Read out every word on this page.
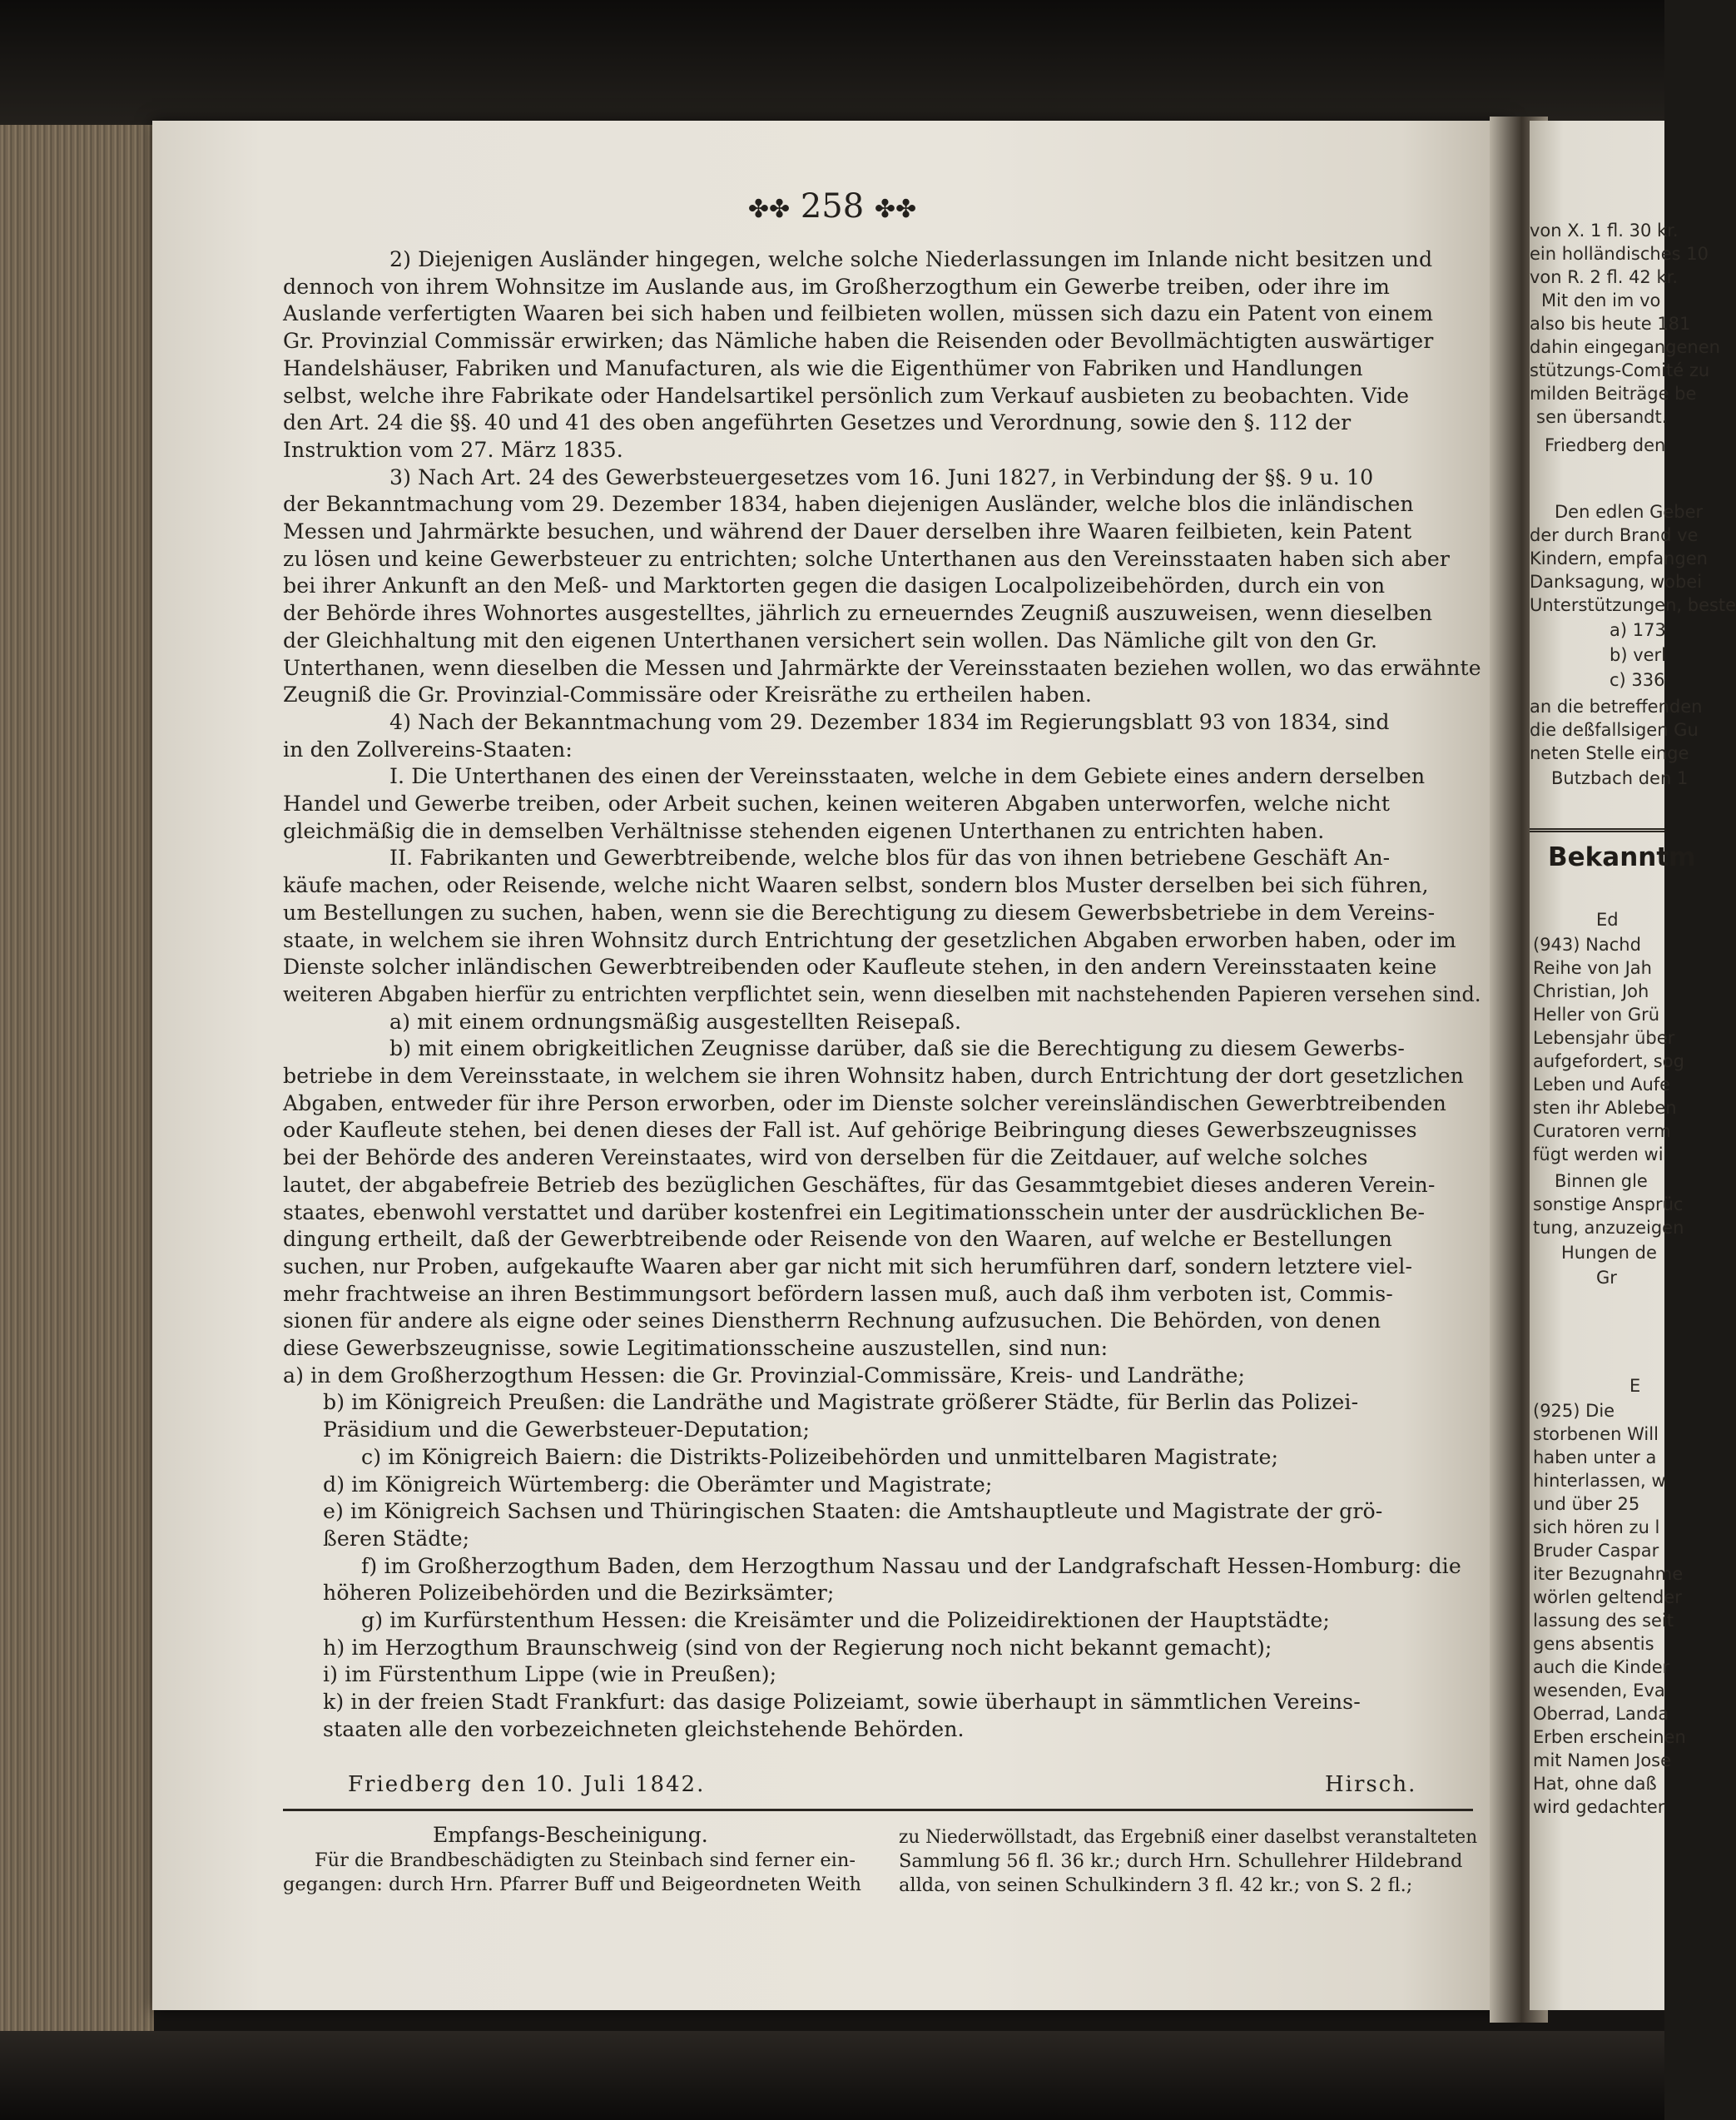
Bekanntm
von X. 1 fl. 30 kr.
ein holländisches 10
von R. 2 fl. 42 kr.
Mit den im vo
also bis heute 181
dahin eingegangenen
stützungs-Comité zu
milden Beiträge be
sen übersandt.
Friedberg den
Den edlen Geber
der durch Brand ve
Kindern, empfangen
Danksagung, wobei
Unterstützungen, beste
a) 173
b) verl
c) 336
an die betreffenden
die deßfallsigen Gu
neten Stelle einge
Butzbach den 1
Ed
(943) Nachd
Reihe von Jah
Christian, Joh
Heller von Grü
Lebensjahr über
aufgefordert, sog
Leben und Aufe
sten ihr Ableben
Curatoren verm
fügt werden wi
Binnen gle
sonstige Ansprüc
tung, anzuzeigen
Hungen de
Gr
E
(925) Die
storbenen Will
haben unter a
hinterlassen, w
und über 25
sich hören zu l
Bruder Caspar
iter Bezugnahme
wörlen geltender
lassung des seit
gens absentis
auch die Kinder
wesenden, Eva
Oberrad, Landa
Erben erscheinen
mit Namen Jose
Hat, ohne daß
wird gedachter
✤✤ 258 ✤✤
2) Diejenigen Ausländer hingegen, welche solche Niederlassungen im Inlande nicht besitzen und
dennoch von ihrem Wohnsitze im Auslande aus, im Großherzogthum ein Gewerbe treiben, oder ihre im
Auslande verfertigten Waaren bei sich haben und feilbieten wollen, müssen sich dazu ein Patent von einem
Gr. Provinzial Commissär erwirken; das Nämliche haben die Reisenden oder Bevollmächtigten auswärtiger
Handelshäuser, Fabriken und Manufacturen, als wie die Eigenthümer von Fabriken und Handlungen
selbst, welche ihre Fabrikate oder Handelsartikel persönlich zum Verkauf ausbieten zu beobachten. Vide
den Art. 24 die §§. 40 und 41 des oben angeführten Gesetzes und Verordnung, sowie den §. 112 der
Instruktion vom 27. März 1835.
3) Nach Art. 24 des Gewerbsteuergesetzes vom 16. Juni 1827, in Verbindung der §§. 9 u. 10
der Bekanntmachung vom 29. Dezember 1834, haben diejenigen Ausländer, welche blos die inländischen
Messen und Jahrmärkte besuchen, und während der Dauer derselben ihre Waaren feilbieten, kein Patent
zu lösen und keine Gewerbsteuer zu entrichten; solche Unterthanen aus den Vereinsstaaten haben sich aber
bei ihrer Ankunft an den Meß- und Marktorten gegen die dasigen Localpolizeibehörden, durch ein von
der Behörde ihres Wohnortes ausgestelltes, jährlich zu erneuerndes Zeugniß auszuweisen, wenn dieselben
der Gleichhaltung mit den eigenen Unterthanen versichert sein wollen. Das Nämliche gilt von den Gr.
Unterthanen, wenn dieselben die Messen und Jahrmärkte der Vereinsstaaten beziehen wollen, wo das erwähnte
Zeugniß die Gr. Provinzial-Commissäre oder Kreisräthe zu ertheilen haben.
4) Nach der Bekanntmachung vom 29. Dezember 1834 im Regierungsblatt 93 von 1834, sind
in den Zollvereins-Staaten:
I. Die Unterthanen des einen der Vereinsstaaten, welche in dem Gebiete eines andern derselben
Handel und Gewerbe treiben, oder Arbeit suchen, keinen weiteren Abgaben unterworfen, welche nicht
gleichmäßig die in demselben Verhältnisse stehenden eigenen Unterthanen zu entrichten haben.
II. Fabrikanten und Gewerbtreibende, welche blos für das von ihnen betriebene Geschäft An-
käufe machen, oder Reisende, welche nicht Waaren selbst, sondern blos Muster derselben bei sich führen,
um Bestellungen zu suchen, haben, wenn sie die Berechtigung zu diesem Gewerbsbetriebe in dem Vereins-
staate, in welchem sie ihren Wohnsitz durch Entrichtung der gesetzlichen Abgaben erworben haben, oder im
Dienste solcher inländischen Gewerbtreibenden oder Kaufleute stehen, in den andern Vereinsstaaten keine
weiteren Abgaben hierfür zu entrichten verpflichtet sein, wenn dieselben mit nachstehenden Papieren versehen sind.
a) mit einem ordnungsmäßig ausgestellten Reisepaß.
b) mit einem obrigkeitlichen Zeugnisse darüber, daß sie die Berechtigung zu diesem Gewerbs-
betriebe in dem Vereinsstaate, in welchem sie ihren Wohnsitz haben, durch Entrichtung der dort gesetzlichen
Abgaben, entweder für ihre Person erworben, oder im Dienste solcher vereinsländischen Gewerbtreibenden
oder Kaufleute stehen, bei denen dieses der Fall ist. Auf gehörige Beibringung dieses Gewerbszeugnisses
bei der Behörde des anderen Vereinstaates, wird von derselben für die Zeitdauer, auf welche solches
lautet, der abgabefreie Betrieb des bezüglichen Geschäftes, für das Gesammtgebiet dieses anderen Verein-
staates, ebenwohl verstattet und darüber kostenfrei ein Legitimationsschein unter der ausdrücklichen Be-
dingung ertheilt, daß der Gewerbtreibende oder Reisende von den Waaren, auf welche er Bestellungen
suchen, nur Proben, aufgekaufte Waaren aber gar nicht mit sich herumführen darf, sondern letztere viel-
mehr frachtweise an ihren Bestimmungsort befördern lassen muß, auch daß ihm verboten ist, Commis-
sionen für andere als eigne oder seines Dienstherrn Rechnung aufzusuchen. Die Behörden, von denen
diese Gewerbszeugnisse, sowie Legitimationsscheine auszustellen, sind nun:
a) in dem Großherzogthum Hessen: die Gr. Provinzial-Commissäre, Kreis- und Landräthe;
b) im Königreich Preußen: die Landräthe und Magistrate größerer Städte, für Berlin das Polizei-
Präsidium und die Gewerbsteuer-Deputation;
c) im Königreich Baiern: die Distrikts-Polizeibehörden und unmittelbaren Magistrate;
d) im Königreich Würtemberg: die Oberämter und Magistrate;
e) im Königreich Sachsen und Thüringischen Staaten: die Amtshauptleute und Magistrate der grö-
ßeren Städte;
f) im Großherzogthum Baden, dem Herzogthum Nassau und der Landgrafschaft Hessen-Homburg: die
höheren Polizeibehörden und die Bezirksämter;
g) im Kurfürstenthum Hessen: die Kreisämter und die Polizeidirektionen der Hauptstädte;
h) im Herzogthum Braunschweig (sind von der Regierung noch nicht bekannt gemacht);
i) im Fürstenthum Lippe (wie in Preußen);
k) in der freien Stadt Frankfurt: das dasige Polizeiamt, sowie überhaupt in sämmtlichen Vereins-
staaten alle den vorbezeichneten gleichstehende Behörden.
Friedberg den 10. Juli 1842.	Hirsch.
Empfangs-Bescheinigung.
Für die Brandbeschädigten zu Steinbach sind ferner ein-
gegangen: durch Hrn. Pfarrer Buff und Beigeordneten Weith
zu Niederwöllstadt, das Ergebniß einer daselbst veranstalteten
Sammlung 56 fl. 36 kr.; durch Hrn. Schullehrer Hildebrand
allda, von seinen Schulkindern 3 fl. 42 kr.; von S. 2 fl.;
